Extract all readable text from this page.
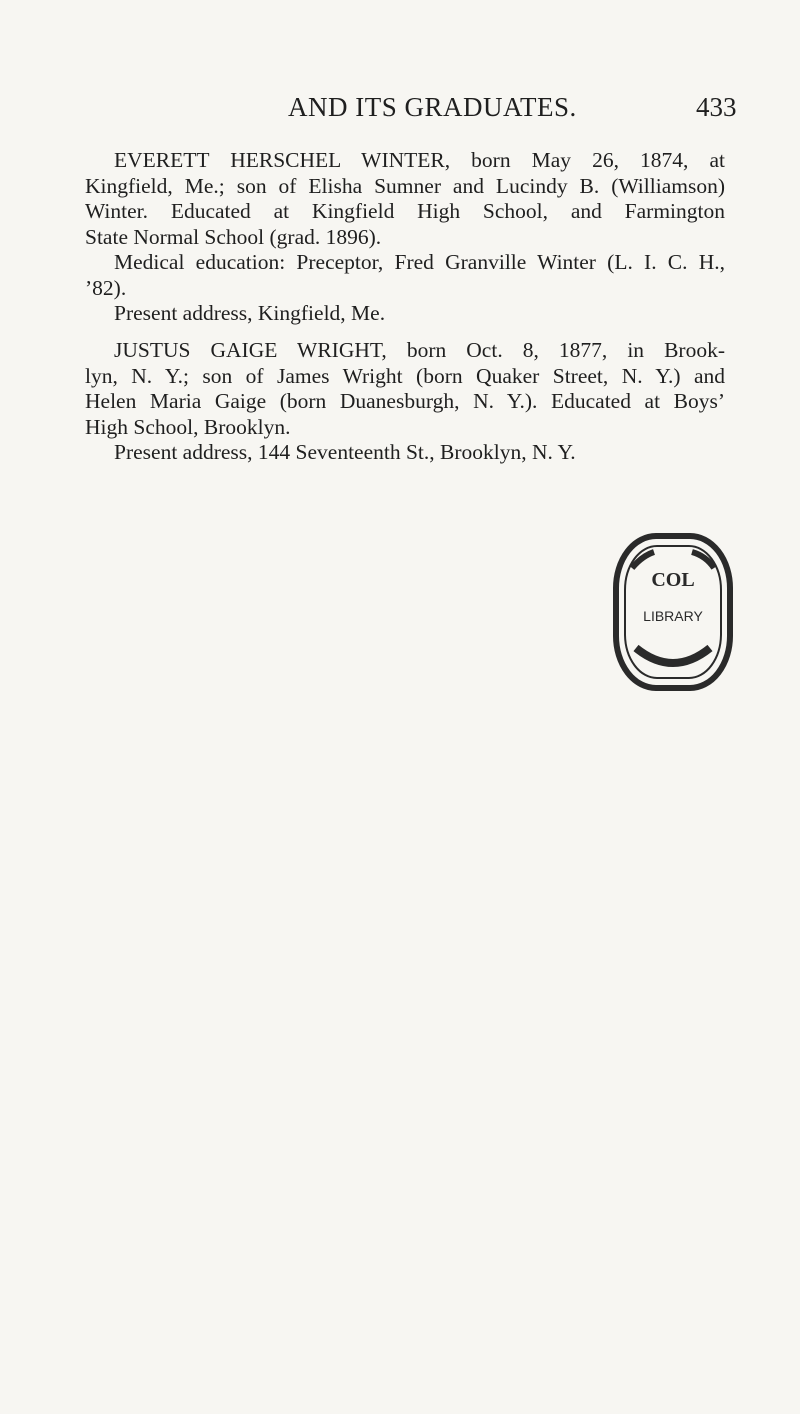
AND ITS GRADUATES.	433
EVERETT HERSCHEL WINTER, born May 26, 1874, at
Kingfield, Me.; son of Elisha Sumner and Lucindy B. (Williamson)
Winter. Educated at Kingfield High School, and Farmington
State Normal School (grad. 1896).
Medical education: Preceptor, Fred Granville Winter (L. I. C. H.,
’82).
Present address, Kingfield, Me.
JUSTUS GAIGE WRIGHT, born Oct. 8, 1877, in Brook-
lyn, N. Y.; son of James Wright (born Quaker Street, N. Y.) and
Helen Maria Gaige (born Duanesburgh, N. Y.). Educated at Boys’
High School, Brooklyn.
Present address, 144 Seventeenth St., Brooklyn, N. Y.
COL
LIBRARY
